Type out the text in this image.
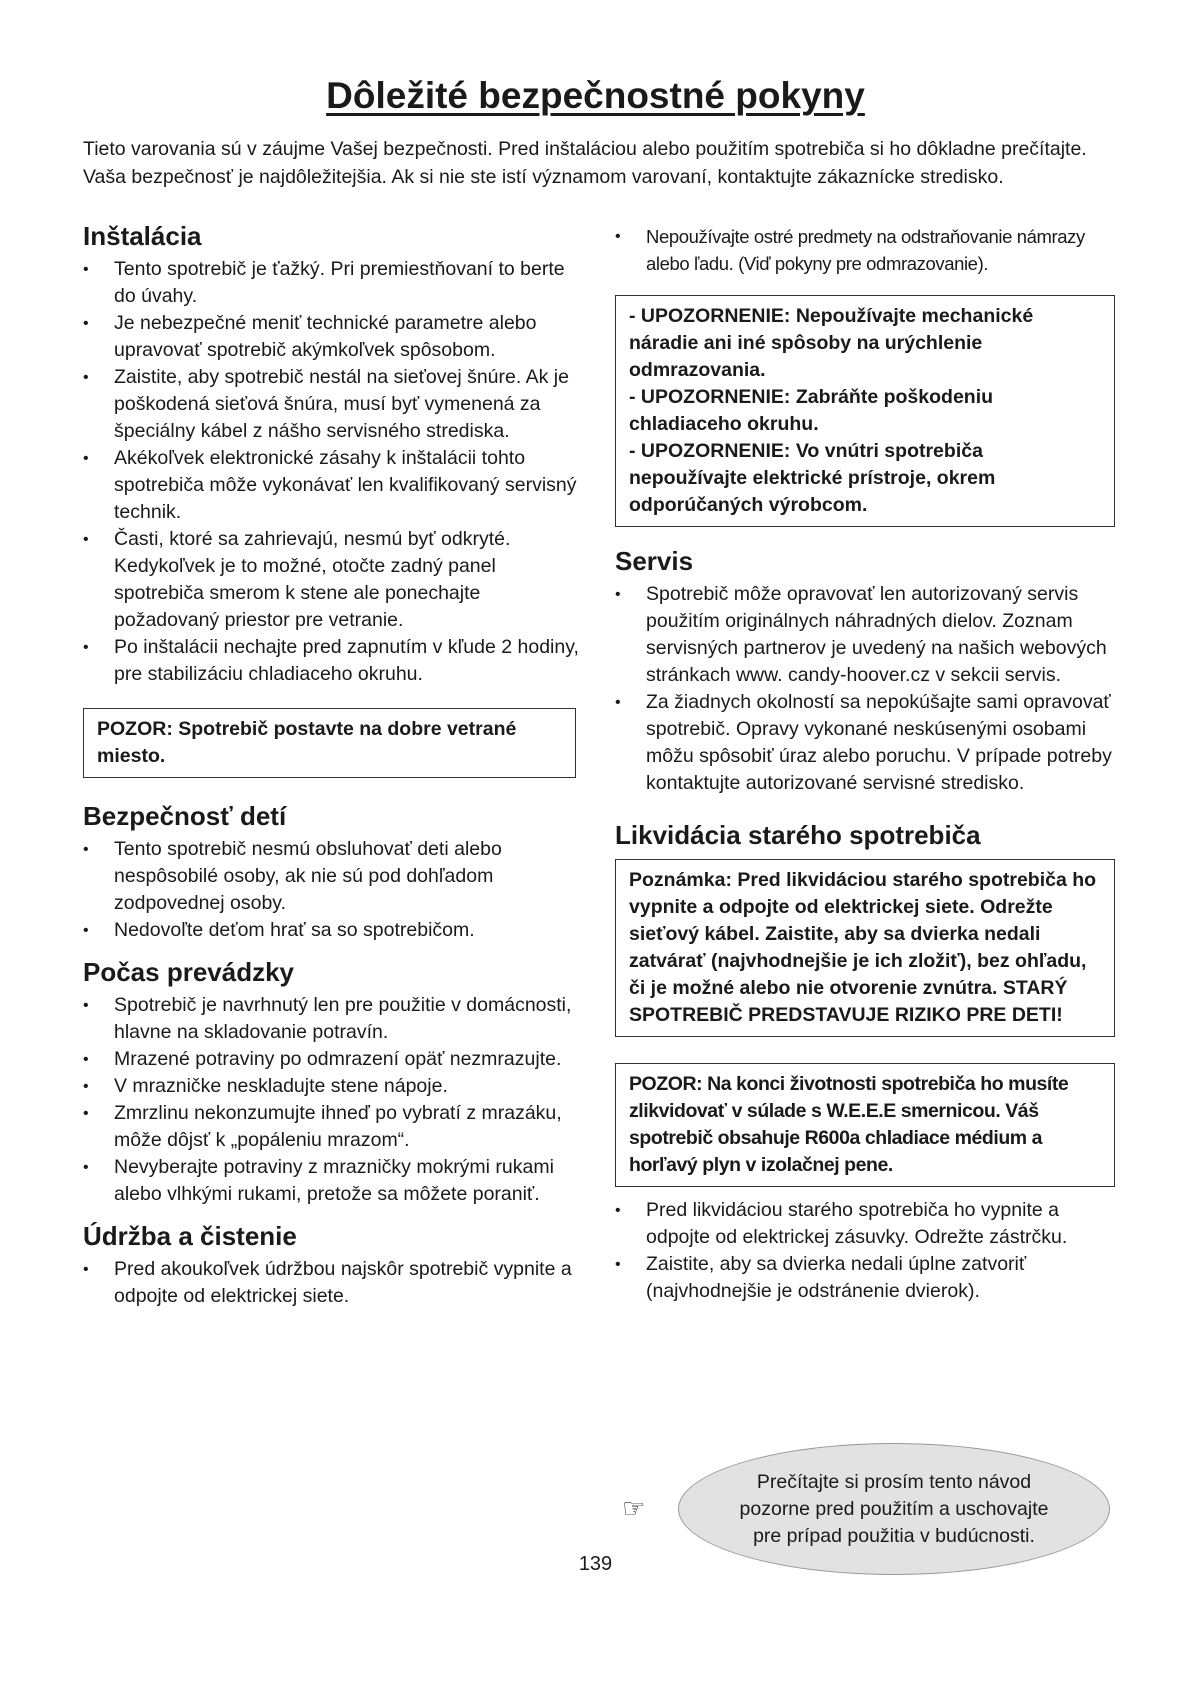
Dôležité bezpečnostné pokyny

Tieto varovania sú v záujme Vašej bezpečnosti. Pred inštaláciou alebo použitím spotrebiča si ho dôkladne prečítajte. Vaša bezpečnosť je najdôležitejšia. Ak si nie ste istí významom varovaní, kontaktujte zákaznícke stredisko.

Inštalácia
• Tento spotrebič je ťažký. Pri premiestňovaní to berte do úvahy.
• Je nebezpečné meniť technické parametre alebo upravovať spotrebič akýmkoľvek spôsobom.
• Zaistite, aby spotrebič nestál na sieťovej šnúre. Ak je poškodená sieťová šnúra, musí byť vymenená za špeciálny kábel z nášho servisného strediska.
• Akékoľvek elektronické zásahy k inštalácii tohto spotrebiča môže vykonávať len kvalifikovaný servisný technik.
• Časti, ktoré sa zahrievajú, nesmú byť odkryté. Kedykoľvek je to možné, otočte zadný panel spotrebiča smerom k stene ale ponechajte požadovaný priestor pre vetranie.
• Po inštalácii nechajte pred zapnutím v kľude 2 hodiny, pre stabilizáciu chladiaceho okruhu.
POZOR: Spotrebič postavte na dobre vetrané miesto.
Bezpečnosť detí
• Tento spotrebič nesmú obsluhovať deti alebo nespôsobilé osoby, ak nie sú pod dohľadom zodpovednej osoby.
• Nedovoľte deťom hrať sa so spotrebičom.
Počas prevádzky
• Spotrebič je navrhnutý len pre použitie v domácnosti, hlavne na skladovanie potravín.
• Mrazené potraviny po odmrazení opäť nezmrazujte.
• V mrazničke neskladujte stene nápoje.
• Zmrzlinu nekonzumujte ihneď po vybratí z mrazáku, môže dôjsť k „popáleniu mrazom“.
• Nevyberajte potraviny z mrazničky mokrými rukami alebo vlhkými rukami, pretože sa môžete poraniť.
Údržba a čistenie
• Pred akoukoľvek údržbou najskôr spotrebič vypnite a odpojte od elektrickej siete.
• Nepoužívajte ostré predmety na odstraňovanie námrazy alebo ľadu. (Viď pokyny pre odmrazovanie).
- UPOZORNENIE: Nepoužívajte mechanické náradie ani iné spôsoby na urýchlenie odmrazovania.
- UPOZORNENIE: Zabráňte poškodeniu chladiaceho okruhu.
- UPOZORNENIE: Vo vnútri spotrebiča nepoužívajte elektrické prístroje, okrem odporúčaných výrobcom.
Servis
• Spotrebič môže opravovať len autorizovaný servis použitím originálnych náhradných dielov. Zoznam servisných partnerov je uvedený na našich webových stránkach www. candy-hoover.cz v sekcii servis.
• Za žiadnych okolností sa nepokúšajte sami opravovať spotrebič. Opravy vykonané neskúsenými osobami môžu spôsobiť úraz alebo poruchu. V prípade potreby kontaktujte autorizované servisné stredisko.
Likvidácia starého spotrebiča
Poznámka: Pred likvidáciou starého spotrebiča ho vypnite a odpojte od elektrickej siete. Odrežte sieťový kábel. Zaistite, aby sa dvierka nedali zatvárať (najvhodnejšie je ich zložiť), bez ohľadu, či je možné alebo nie otvorenie zvnútra. STARÝ SPOTREBIČ PREDSTAVUJE RIZIKO PRE DETI!
POZOR: Na konci životnosti spotrebiča ho musíte zlikvidovať v súlade s W.E.E.E smernicou. Váš spotrebič obsahuje R600a chladiace médium a horľavý plyn v izolačnej pene.
• Pred likvidáciou starého spotrebiča ho vypnite a odpojte od elektrickej zásuvky. Odrežte zástrčku.
• Zaistite, aby sa dvierka nedali úplne zatvoriť (najvhodnejšie je odstránenie dvierok).
☞
Prečítajte si prosím tento návod pozorne pred použitím a uschovajte pre prípad použitia v budúcnosti.
139
